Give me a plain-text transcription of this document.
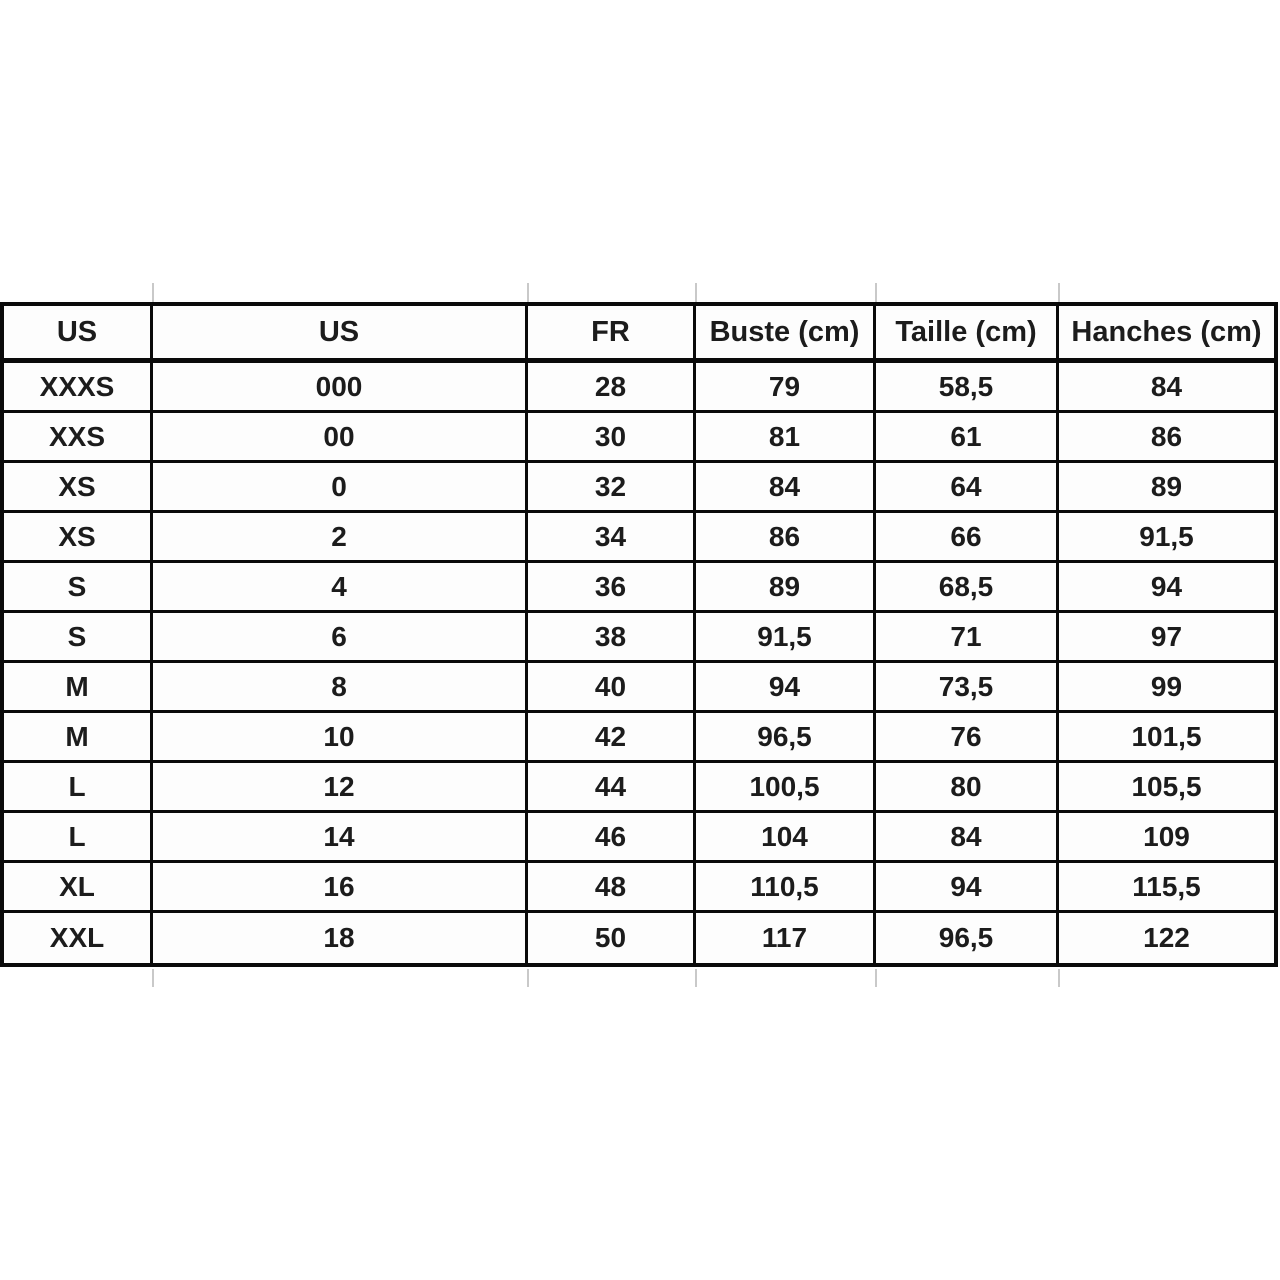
US	US	FR	Buste (cm)	Taille (cm)	Hanches (cm)
XXXS	000	28	79	58,5	84
XXS	00	30	81	61	86
XS	0	32	84	64	89
XS	2	34	86	66	91,5
S	4	36	89	68,5	94
S	6	38	91,5	71	97
M	8	40	94	73,5	99
M	10	42	96,5	76	101,5
L	12	44	100,5	80	105,5
L	14	46	104	84	109
XL	16	48	110,5	94	115,5
XXL	18	50	117	96,5	122
